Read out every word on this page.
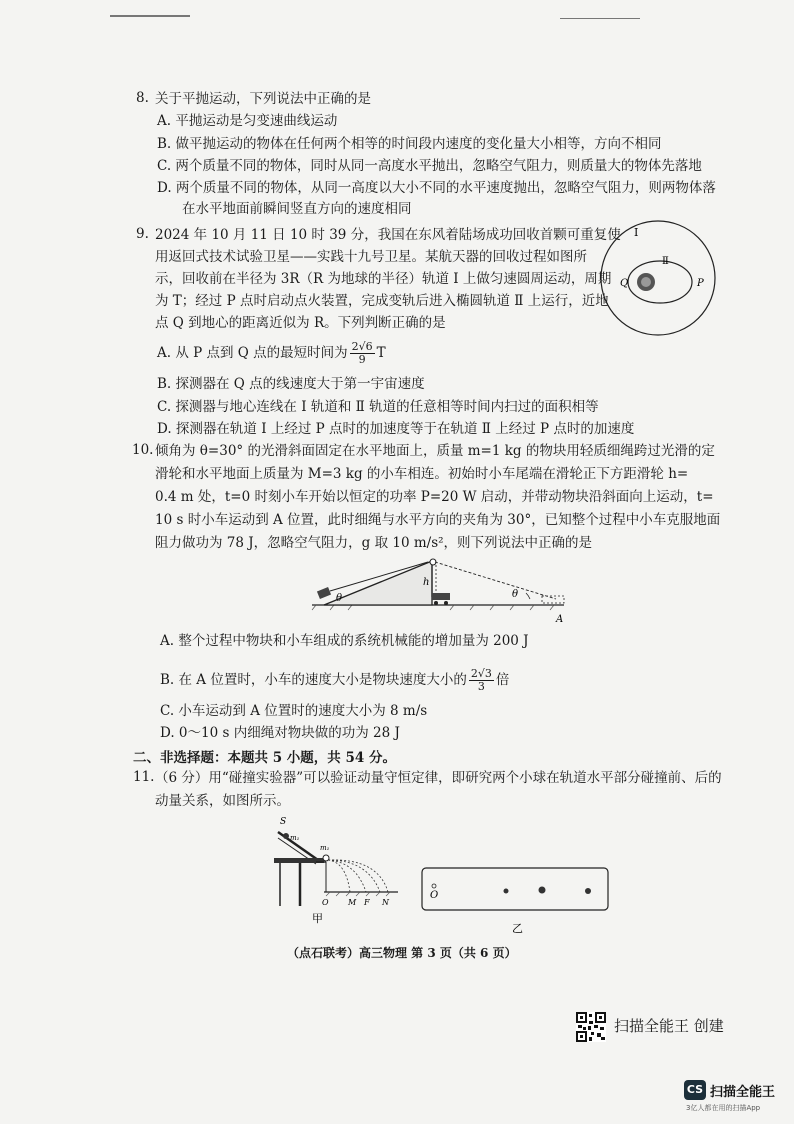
8. 关于平抛运动，下列说法中正确的是
A. 平抛运动是匀变速曲线运动
B. 做平抛运动的物体在任何两个相等的时间段内速度的变化量大小相等，方向不相同
C. 两个质量不同的物体，同时从同一高度水平抛出，忽略空气阻力，则质量大的物体先落地
D. 两个质量不同的物体，从同一高度以大小不同的水平速度抛出，忽略空气阻力，则两物体落
在水平地面前瞬间竖直方向的速度相同
9. 2024 年 10 月 11 日 10 时 39 分，我国在东风着陆场成功回收首颗可重复使
用返回式技术试验卫星——实践十九号卫星。某航天器的回收过程如图所
示，回收前在半径为 3R（R 为地球的半径）轨道 Ⅰ 上做匀速圆周运动，周期
为 T；经过 P 点时启动点火装置，完成变轨后进入椭圆轨道 Ⅱ 上运行，近地
点 Q 到地心的距离近似为 R。下列判断正确的是
Ⅰ
Ⅱ
Q	P
A. 从 P 点到 Q 点的最短时间为 $\frac{2√6}{9}$ T
B. 探测器在 Q 点的线速度大于第一宇宙速度
C. 探测器与地心连线在 Ⅰ 轨道和 Ⅱ 轨道的任意相等时间内扫过的面积相等
D. 探测器在轨道 Ⅰ 上经过 P 点时的加速度等于在轨道 Ⅱ 上经过 P 点时的加速度
10. 倾角为 θ=30° 的光滑斜面固定在水平地面上，质量 m=1 kg 的物块用轻质细绳跨过光滑的定
滑轮和水平地面上质量为 M=3 kg 的小车相连。初始时小车尾端在滑轮正下方距滑轮 h=
0.4 m 处，t=0 时刻小车开始以恒定的功率 P=20 W 启动，并带动物块沿斜面向上运动，t=
10 s 时小车运动到 A 位置，此时细绳与水平方向的夹角为 30°，已知整个过程中小车克服地面
阻力做功为 78 J，忽略空气阻力，g 取 10 m/s²，则下列说法中正确的是
h
θ	θ
A
A. 整个过程中物块和小车组成的系统机械能的增加量为 200 J
B. 在 A 位置时，小车的速度大小是物块速度大小的 $\frac{2√3}{3}$ 倍
C. 小车运动到 A 位置时的速度大小为 8 m/s
D. 0～10 s 内细绳对物块做的功为 28 J
二、非选择题：本题共 5 小题，共 54 分。
11. （6 分）用“碰撞实验器”可以验证动量守恒定律，即研究两个小球在轨道水平部分碰撞前、后的
动量关系，如图所示。
S
m₁
m₁
O M F N
甲
O
乙
（点石联考）高三物理 第 3 页（共 6 页）
扫描全能王 创建
CS 扫描全能王
3亿人都在用的扫描App
